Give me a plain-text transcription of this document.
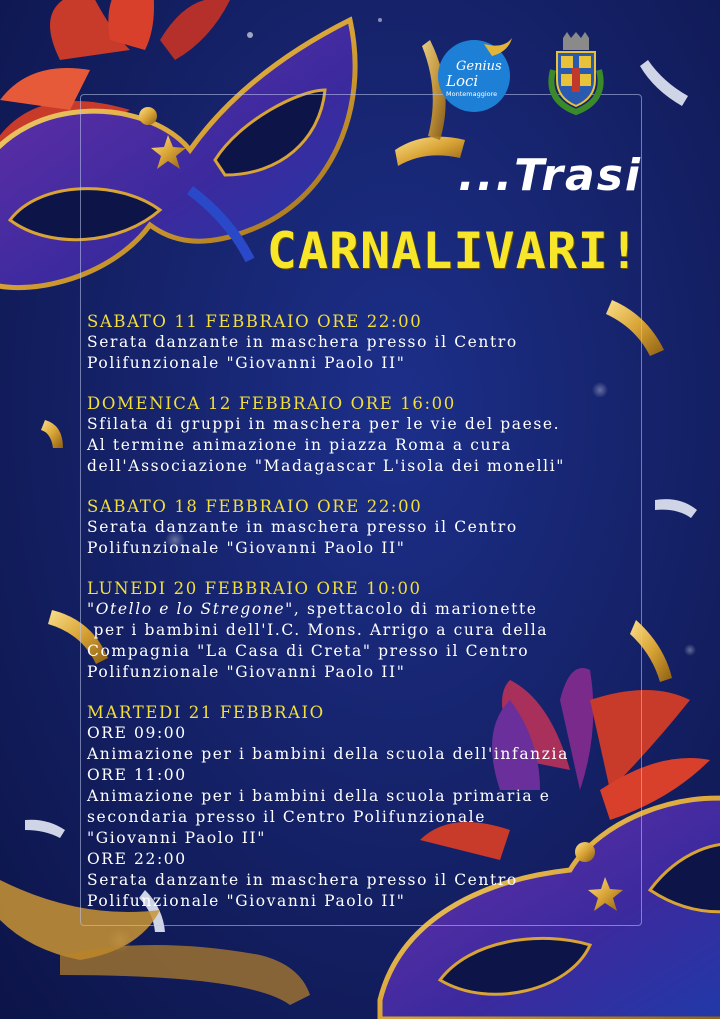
Genius
Loci
Montemaggiore
...Trasi
CARNALIVARI!
SABATO 11 FEBBRAIO ORE 22:00
Serata danzante in maschera presso il Centro
Polifunzionale "Giovanni Paolo II"
DOMENICA 12 FEBBRAIO ORE 16:00
Sfilata di gruppi in maschera per le vie del paese.
Al termine animazione in piazza Roma a cura
dell'Associazione "Madagascar L'isola dei monelli"
SABATO 18 FEBBRAIO ORE 22:00
Serata danzante in maschera presso il Centro
Polifunzionale "Giovanni Paolo II"
LUNEDI 20 FEBBRAIO ORE 10:00
"Otello e lo Stregone", spettacolo di marionette
per i bambini dell'I.C. Mons. Arrigo a cura della
Compagnia "La Casa di Creta" presso il Centro
Polifunzionale "Giovanni Paolo II"
MARTEDI 21 FEBBRAIO
ORE 09:00
Animazione per i bambini della scuola dell'infanzia
ORE 11:00
Animazione per i bambini della scuola primaria e
secondaria presso il Centro Polifunzionale
"Giovanni Paolo II"
ORE 22:00
Serata danzante in maschera presso il Centro
Polifunzionale "Giovanni Paolo II"
